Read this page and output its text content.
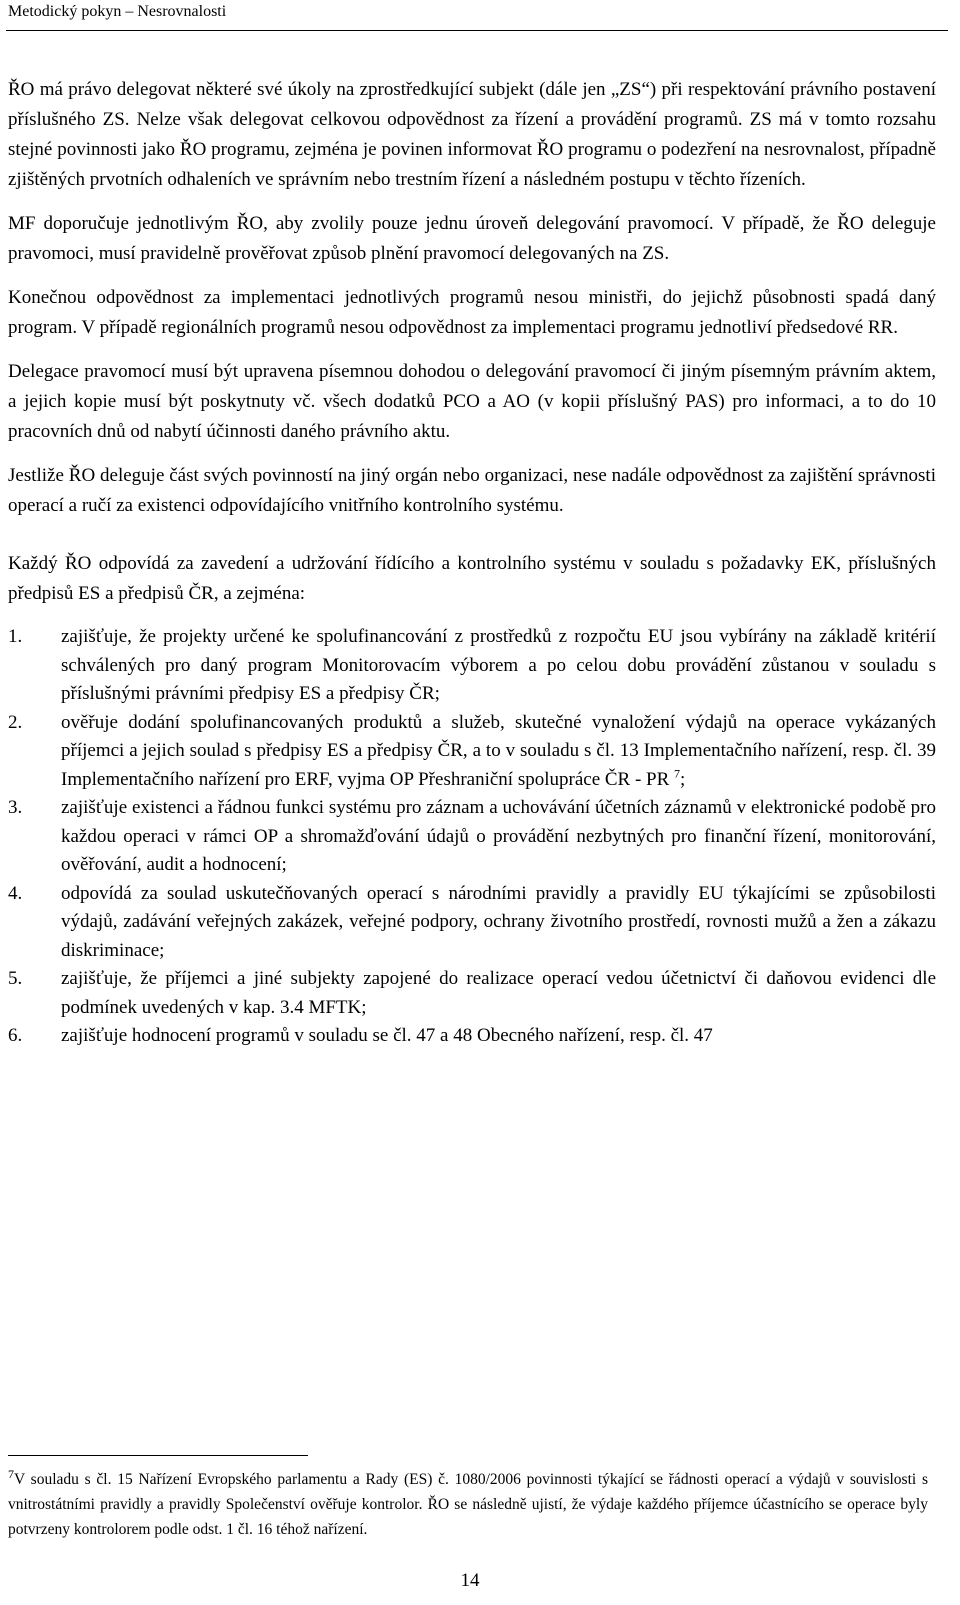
Metodický pokyn – Nesrovnalosti

ŘO má právo delegovat některé své úkoly na zprostředkující subjekt (dále jen „ZS“) při respektování právního postavení příslušného ZS. Nelze však delegovat celkovou odpovědnost za řízení a provádění programů. ZS má v tomto rozsahu stejné povinnosti jako ŘO programu, zejména je povinen informovat ŘO programu o podezření na nesrovnalost, případně zjištěných prvotních odhaleních ve správním nebo trestním řízení a následném postupu v těchto řízeních.

MF doporučuje jednotlivým ŘO, aby zvolily pouze jednu úroveň delegování pravomocí. V případě, že ŘO deleguje pravomoci, musí pravidelně prověřovat způsob plnění pravomocí delegovaných na ZS.

Konečnou odpovědnost za implementaci jednotlivých programů nesou ministři, do jejichž působnosti spadá daný program. V případě regionálních programů nesou odpovědnost za implementaci programu jednotliví předsedové RR.

Delegace pravomocí musí být upravena písemnou dohodou o delegování pravomocí či jiným písemným právním aktem, a jejich kopie musí být poskytnuty vč. všech dodatků PCO a AO (v kopii příslušný PAS) pro informaci, a to do 10 pracovních dnů od nabytí účinnosti daného právního aktu.

Jestliže ŘO deleguje část svých povinností na jiný orgán nebo organizaci, nese nadále odpovědnost za zajištění správnosti operací a ručí za existenci odpovídajícího vnitřního kontrolního systému.

Každý ŘO odpovídá za zavedení a udržování řídícího a kontrolního systému v souladu s požadavky EK, příslušných předpisů ES a předpisů ČR, a zejména:

1. zajišťuje, že projekty určené ke spolufinancování z prostředků z rozpočtu EU jsou vybírány na základě kritérií schválených pro daný program Monitorovacím výborem a po celou dobu provádění zůstanou v souladu s příslušnými právními předpisy ES a předpisy ČR;
2. ověřuje dodání spolufinancovaných produktů a služeb, skutečné vynaložení výdajů na operace vykázaných příjemci a jejich soulad s předpisy ES a předpisy ČR, a to v souladu s čl. 13 Implementačního nařízení, resp. čl. 39 Implementačního nařízení pro ERF, vyjma OP Přeshraniční spolupráce ČR - PR $^7$;
3. zajišťuje existenci a řádnou funkci systému pro záznam a uchovávání účetních záznamů v elektronické podobě pro každou operaci v rámci OP a shromažďování údajů o provádění nezbytných pro finanční řízení, monitorování, ověřování, audit a hodnocení;
4. odpovídá za soulad uskutečňovaných operací s národními pravidly a pravidly EU týkajícími se způsobilosti výdajů, zadávání veřejných zakázek, veřejné podpory, ochrany životního prostředí, rovnosti mužů a žen a zákazu diskriminace;
5. zajišťuje, že příjemci a jiné subjekty zapojené do realizace operací vedou účetnictví či daňovou evidenci dle podmínek uvedených v kap. 3.4 MFTK;
6. zajišťuje hodnocení programů v souladu se čl. 47 a 48 Obecného nařízení, resp. čl. 47
$^7$V souladu s čl. 15 Nařízení Evropského parlamentu a Rady (ES) č. 1080/2006 povinnosti týkající se řádnosti operací a výdajů v souvislosti s vnitrostátními pravidly a pravidly Společenství ověřuje kontrolor. ŘO se následně ujistí, že výdaje každého příjemce účastnícího se operace byly potvrzeny kontrolorem podle odst. 1 čl. 16 téhož nařízení.
14
